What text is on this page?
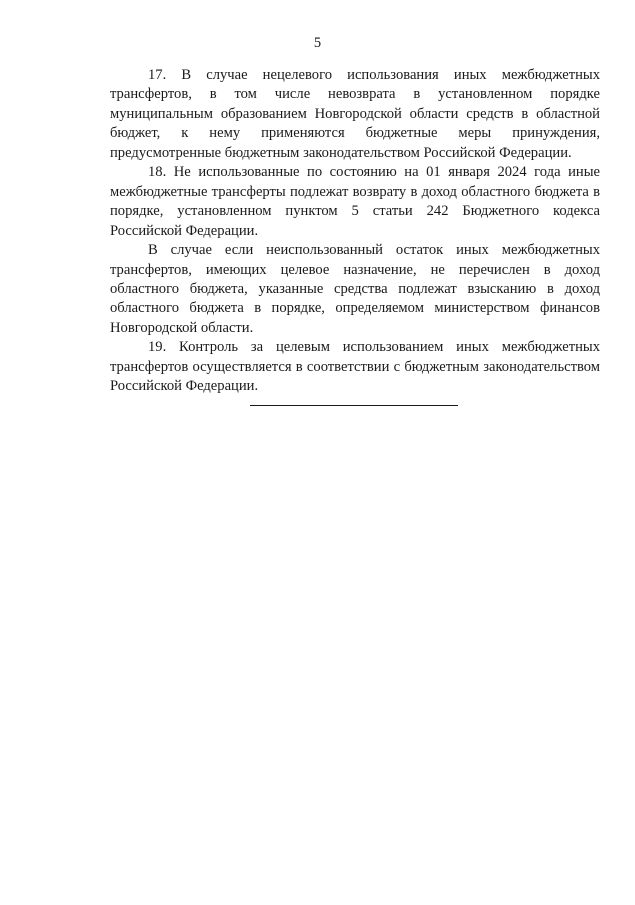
5

17. В случае нецелевого использования иных межбюджетных трансфертов, в том числе невозврата в установленном порядке муниципальным образованием Новгородской области средств в областной бюджет, к нему применяются бюджетные меры принуждения, предусмотренные бюджетным законодательством Российской Федерации.

18. Не использованные по состоянию на 01 января 2024 года иные межбюджетные трансферты подлежат возврату в доход областного бюджета в порядке, установленном пунктом 5 статьи 242 Бюджетного кодекса Российской Федерации.

В случае если неиспользованный остаток иных межбюджетных трансфертов, имеющих целевое назначение, не перечислен в доход областного бюджета, указанные средства подлежат взысканию в доход областного бюджета в порядке, определяемом министерством финансов Новгородской области.

19. Контроль за целевым использованием иных межбюджетных трансфертов осуществляется в соответствии с бюджетным законодательством Российской Федерации.
